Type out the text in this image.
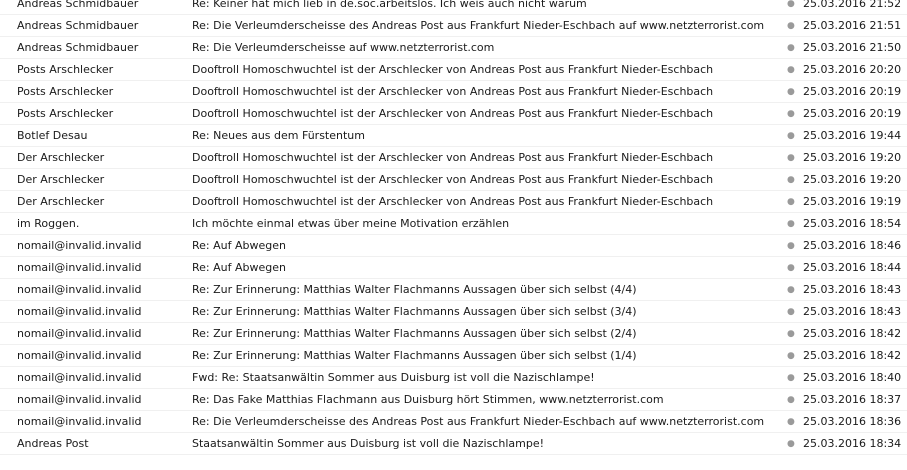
Andreas Schmidbauer	Re: Keiner hat mich lieb in de.soc.arbeitslos. Ich weis auch nicht warum	● 25.03.2016 21:52
Andreas Schmidbauer	Re: Die Verleumderscheisse des Andreas Post aus Frankfurt Nieder-Eschbach auf www.netzterrorist.com	● 25.03.2016 21:51
Andreas Schmidbauer	Re: Die Verleumderscheisse auf www.netzterrorist.com	● 25.03.2016 21:50
Posts Arschlecker	Dooftroll Homoschwuchtel ist der Arschlecker von Andreas Post aus Frankfurt Nieder-Eschbach	● 25.03.2016 20:20
Posts Arschlecker	Dooftroll Homoschwuchtel ist der Arschlecker von Andreas Post aus Frankfurt Nieder-Eschbach	● 25.03.2016 20:19
Posts Arschlecker	Dooftroll Homoschwuchtel ist der Arschlecker von Andreas Post aus Frankfurt Nieder-Eschbach	● 25.03.2016 20:19
Botlef Desau	Re: Neues aus dem Fürstentum	● 25.03.2016 19:44
Der Arschlecker	Dooftroll Homoschwuchtel ist der Arschlecker von Andreas Post aus Frankfurt Nieder-Eschbach	● 25.03.2016 19:20
Der Arschlecker	Dooftroll Homoschwuchtel ist der Arschlecker von Andreas Post aus Frankfurt Nieder-Eschbach	● 25.03.2016 19:20
Der Arschlecker	Dooftroll Homoschwuchtel ist der Arschlecker von Andreas Post aus Frankfurt Nieder-Eschbach	● 25.03.2016 19:19
im Roggen.	Ich möchte einmal etwas über meine Motivation erzählen	● 25.03.2016 18:54
nomail@invalid.invalid	Re: Auf Abwegen	● 25.03.2016 18:46
nomail@invalid.invalid	Re: Auf Abwegen	● 25.03.2016 18:44
nomail@invalid.invalid	Re: Zur Erinnerung: Matthias Walter Flachmanns Aussagen über sich selbst (4/4)	● 25.03.2016 18:43
nomail@invalid.invalid	Re: Zur Erinnerung: Matthias Walter Flachmanns Aussagen über sich selbst (3/4)	● 25.03.2016 18:43
nomail@invalid.invalid	Re: Zur Erinnerung: Matthias Walter Flachmanns Aussagen über sich selbst (2/4)	● 25.03.2016 18:42
nomail@invalid.invalid	Re: Zur Erinnerung: Matthias Walter Flachmanns Aussagen über sich selbst (1/4)	● 25.03.2016 18:42
nomail@invalid.invalid	Fwd: Re: Staatsanwältin Sommer aus Duisburg ist voll die Nazischlampe!	● 25.03.2016 18:40
nomail@invalid.invalid	Re: Das Fake Matthias Flachmann aus Duisburg hört Stimmen, www.netzterrorist.com	● 25.03.2016 18:37
nomail@invalid.invalid	Re: Die Verleumderscheisse des Andreas Post aus Frankfurt Nieder-Eschbach auf www.netzterrorist.com	● 25.03.2016 18:36
Andreas Post	Staatsanwältin Sommer aus Duisburg ist voll die Nazischlampe!	● 25.03.2016 18:34
